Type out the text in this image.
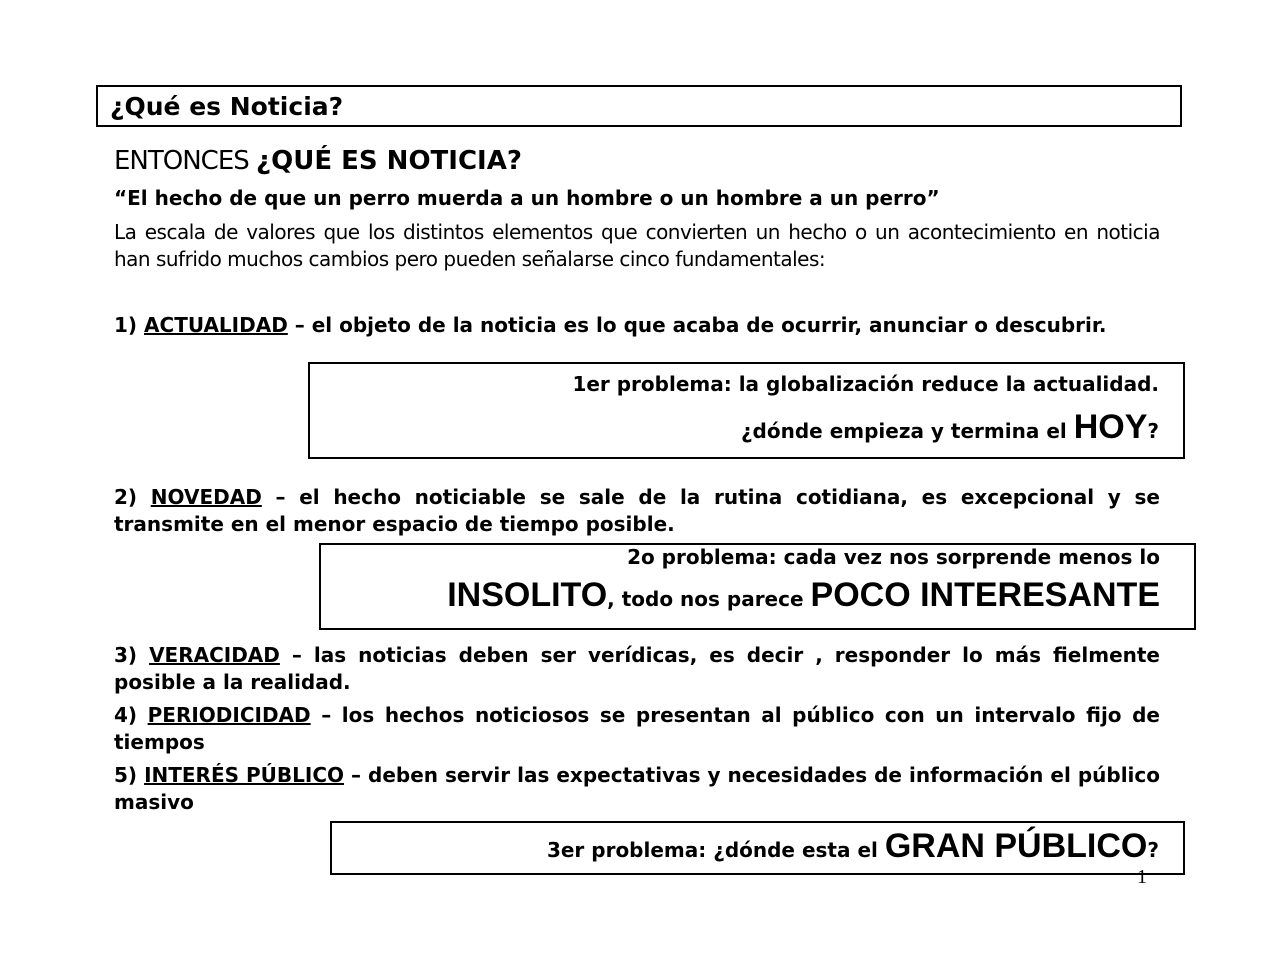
¿Qué es Noticia?
ENTONCES ¿QUÉ ES NOTICIA?
“El hecho de que un perro muerda a un hombre o un hombre a un perro”
La escala de valores que los distintos elementos que convierten un hecho o un acontecimiento en noticia han sufrido muchos cambios pero pueden señalarse cinco fundamentales:
1) ACTUALIDAD – el objeto de la noticia es lo que acaba de ocurrir, anunciar o descubrir.
1er problema: la globalización reduce la actualidad.
¿dónde empieza y termina el HOY?
2) NOVEDAD – el hecho noticiable se sale de la rutina cotidiana, es excepcional y se transmite en el menor espacio de tiempo posible.
2o problema: cada vez nos sorprende menos lo
INSOLITO, todo nos parece POCO INTERESANTE
3) VERACIDAD – las noticias deben ser verídicas, es decir , responder lo más fielmente posible a la realidad.
4) PERIODICIDAD – los hechos noticiosos se presentan al público con un intervalo fijo de tiempos
5) INTERÉS PÚBLICO – deben servir las expectativas y necesidades de información el público masivo
3er problema: ¿dónde esta el GRAN PÚBLICO?
1
